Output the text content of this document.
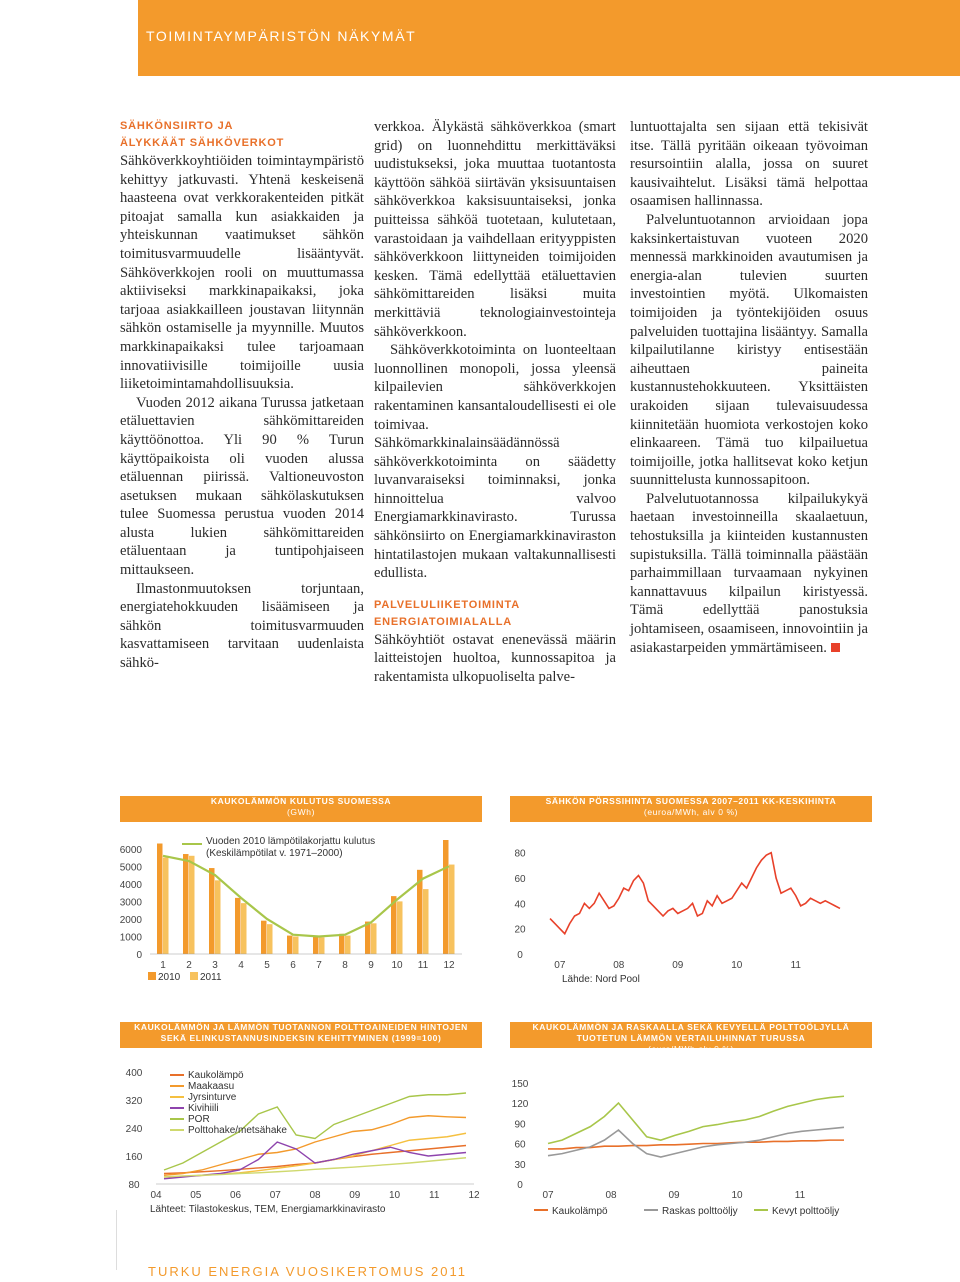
TOIMINTAYMPÄRISTÖN NÄKYMÄT
SÄHKÖNSIIRTO JA
ÄLYKKÄÄT SÄHKÖVERKOT

Sähköverkkoyhtiöiden toimintaympäristö kehittyy jatkuvasti. Yhtenä keskeisenä haasteena ovat verkkorakenteiden pitkät pitoajat samalla kun asiakkaiden ja yhteiskunnan vaatimukset sähkön toimitusvarmuudelle lisääntyvät. Sähköverkkojen rooli on muuttumassa aktiiviseksi markkinapaikaksi, joka tarjoaa asiakkailleen joustavan liitynnän sähkön ostamiselle ja myynnille. Muutos markkinapaikaksi tulee tarjoamaan innovatiivisille toimijoille uusia liiketoimintamahdollisuuksia.

Vuoden 2012 aikana Turussa jatketaan etäluettavien sähkömittareiden käyttöönottoa. Yli 90 % Turun käyttöpaikoista oli vuoden alussa etäluennan piirissä. Valtioneuvoston asetuksen mukaan sähkölaskutuksen tulee Suomessa perustua vuoden 2014 alusta lukien sähkömittareiden etäluentaan ja tuntipohjaiseen mittaukseen.

Ilmastonmuutoksen torjuntaan, energiatehokkuuden lisäämiseen ja sähkön toimitusvarmuuden kasvattamiseen tarvitaan uudenlaista sähkö-

verkkoa. Älykästä sähköverkkoa (smart grid) on luonnehdittu merkittäväksi uudistukseksi, joka muuttaa tuotantosta käyttöön sähköä siirtävän yksisuuntaisen sähköverkkoa kaksisuuntaiseksi, jonka puitteissa sähköä tuotetaan, kulutetaan, varastoidaan ja vaihdellaan erityyppisten sähköverkkoon liittyneiden toimijoiden kesken. Tämä edellyttää etäluettavien sähkömittareiden lisäksi muita merkittäviä teknologiainvestointeja sähköverkkoon.

Sähköverkkotoiminta on luonteeltaan luonnollinen monopoli, jossa yleensä kilpailevien sähköverkkojen rakentaminen kansantaloudellisesti ei ole toimivaa. Sähkömarkkinalainsäädännössä sähköverkkotoiminta on säädetty luvanvaraiseksi toiminnaksi, jonka hinnoittelua valvoo Energiamarkkinavirasto. Turussa sähkönsiirto on Energiamarkkinaviraston hintatilastojen mukaan valtakunnallisesti edullista.

PALVELULIIKETOIMINTA
ENERGIATOIMIALALLA

Sähköyhtiöt ostavat enenevässä määrin laitteistojen huoltoa, kunnossapitoa ja rakentamista ulkopuoliselta palve-

luntuottajalta sen sijaan että tekisivät itse. Tällä pyritään oikeaan työvoiman resursointiin alalla, jossa on suuret kausivaihtelut. Lisäksi tämä helpottaa osaamisen hallinnassa.

Palveluntuotannon arvioidaan jopa kaksinkertaistuvan vuoteen 2020 mennessä markkinoiden avautumisen ja energia-alan tulevien suurten investointien myötä. Ulkomaisten toimijoiden ja työntekijöiden osuus palveluiden tuottajina lisääntyy. Samalla kilpailutilanne kiristyy entisestään aiheuttaen paineita kustannustehokkuuteen. Yksittäisten urakoiden sijaan tulevaisuudessa kiinnitetään huomiota verkostojen koko elinkaareen. Tämä tuo kilpailuetua toimijoille, jotka hallitsevat koko ketjun suunnittelusta kunnossapitoon.

Palvelutuotannossa kilpailukykyä haetaan investoinneilla skaalaetuun, tehostuksilla ja kiinteiden kustannusten supistuksilla. Tällä toiminnalla päästään parhaimmillaan turvaamaan nykyinen kannattavuus kilpailun kiristyessä. Tämä edellyttää panostuksia johtamiseen, osaamiseen, innovointiin ja asiakastarpeiden ymmärtämiseen.

KAUKOLÄMMÖN KULUTUS SUOMESSA
(GWh)
SÄHKÖN PÖRSSIHINTA SUOMESSA 2007–2011 KK-KESKIHINTA
(euroa/MWh, alv 0 %)
KAUKOLÄMMÖN JA LÄMMÖN TUOTANNON POLTTOAINEIDEN HINTOJEN SEKÄ ELINKUSTANNUSINDEKSIN KEHITTYMINEN (1999=100)
KAUKOLÄMMÖN JA RASKAALLA SEKÄ KEVYELLÄ POLTTOÖLJYLLÄ TUOTETUN LÄMMÖN VERTAILUHINNAT TURUSSA
(euro/MWh alv 0 %)
0
1000
2000
3000
4000
5000
6000
1 2 3 4 5 6 7 8 9 10 11 12
Vuoden 2010 lämpötilakorjattu kulutus
(Keskilämpötilat v. 1971–2000)
2010 2011
0
20
40
60
80
07	08	09	10	11
Lähde: Nord Pool
80
160
240
320
400
04	05	06	07	08	09	10	11	12
Kaukolämpö
Maakaasu
Jyrsinturve
Kivihiili
POR
Polttohake/metsähake
Lähteet: Tilastokeskus, TEM, Energiamarkkinavirasto
0
30
60
90
120
150
07	08	09	10	11
Kaukolämpö	Raskas polttoöljy	Kevyt polttoöljy
TURKU ENERGIA VUOSIKERTOMUS 2011
